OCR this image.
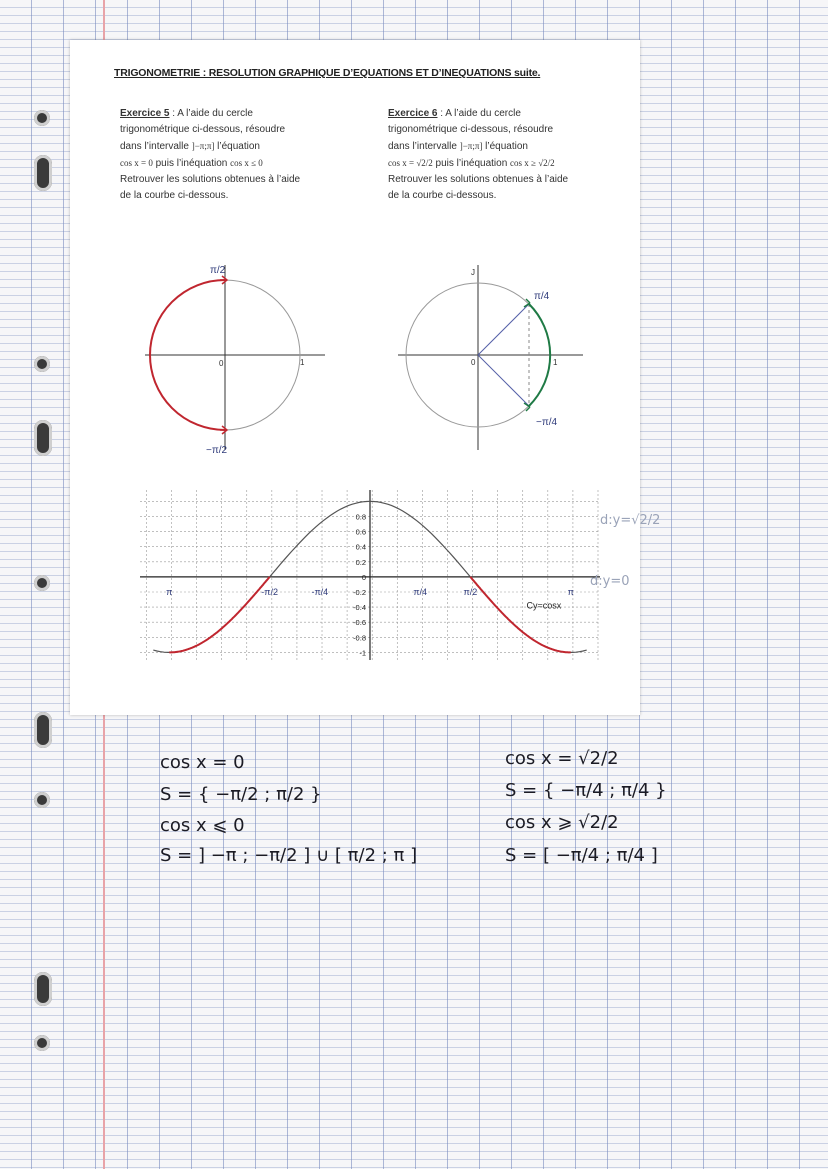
TRIGONOMETRIE : RESOLUTION GRAPHIQUE D’EQUATIONS ET D’INEQUATIONS suite.
Exercice 5 : A l’aide du cercle
trigonométrique ci-dessous, résoudre
dans l’intervalle ]−π;π] l’équation
cos x = 0 puis l’inéquation cos x ≤ 0
Retrouver les solutions obtenues à l’aide
de la courbe ci-dessous.
Exercice 6 : A l’aide du cercle
trigonométrique ci-dessous, résoudre
dans l’intervalle ]−π;π] l’équation
cos x = √2/2 puis l’inéquation cos x ≥ √2/2
Retrouver les solutions obtenues à l’aide
de la courbe ci-dessous.
0	1
π/2
−π/2
0	1
J
π/4
−π/4
0.8
0.6
0.4
0.2
0
-0.2
-0.4
-0.6
-0.8
-1
-π/2	-π/4	π/4	π/2	π
π
Cy=cosx
d:y=√2/2
d:y=0
cos x = 0
S = { −π/2 ; π/2 }
cos x ⩽ 0
S = ] −π ; −π/2 ] ∪ [ π/2 ; π ]
cos x = √2/2
S = { −π/4 ; π/4 }
cos x ⩾ √2/2
S = [ −π/4 ; π/4 ]
